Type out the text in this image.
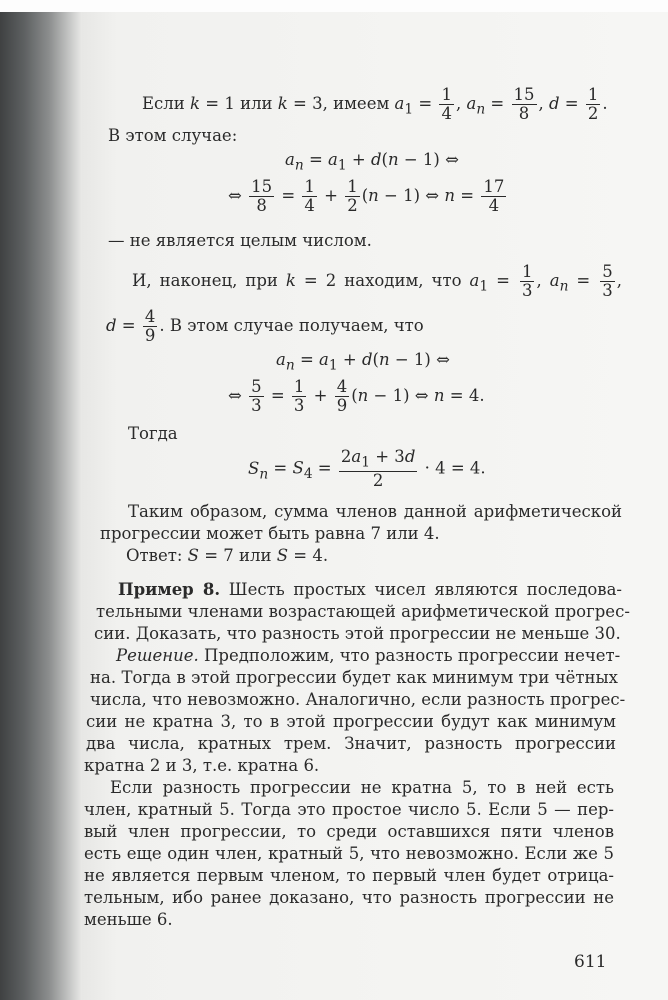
Если k = 1 или k = 3, имеем $a_1 = \frac{1}{4}$ , $a_n = \frac{15}{8}$ , $d = \frac{1}{2}$ .

В этом случае:

$a_n = a_1 + d(n - 1)$ ⇔
⇔ $\frac{15}{8} = \frac{1}{4} + \frac{1}{2} (n - 1)$ ⇔ $n = \frac{17}{4}$

— не является целым числом.

И, наконец, при k = 2 находим, что $a_1 = \frac{1}{3}$ , $a_n = \frac{5}{3}$ ,
$d = \frac{4}{9}$ . В этом случае получаем, что
$a_n = a_1 + d(n - 1)$ ⇔
⇔ $\frac{5}{3} = \frac{1}{3} + \frac{4}{9} (n - 1)$ ⇔ n = 4.

Тогда

$S_n = S_4 = \frac{2a_1 + 3d}{2} \cdot 4 = 4$.

Таким образом, сумма членов данной арифметической

прогрессии может быть равна 7 или 4.

Ответ: S = 7 или S = 4.
Пример 8. Шесть простых чисел являются последова-

тельными членами возрастающей арифметической прогрес-

сии. Доказать, что разность этой прогрессии не меньше 30.

Решение. Предположим, что разность прогрессии нечет-

на. Тогда в этой прогрессии будет как минимум три чётных

числа, что невозможно. Аналогично, если разность прогрес-

сии не кратна 3, то в этой прогрессии будут как минимум

два числа, кратных трем. Значит, разность прогрессии

кратна 2 и 3, т.е. кратна 6.

Если разность прогрессии не кратна 5, то в ней есть

член, кратный 5. Тогда это простое число 5. Если 5 — пер-

вый член прогрессии, то среди оставшихся пяти членов

есть еще один член, кратный 5, что невозможно. Если же 5

не является первым членом, то первый член будет отрица-

тельным, ибо ранее доказано, что разность прогрессии не

меньше 6.

611
